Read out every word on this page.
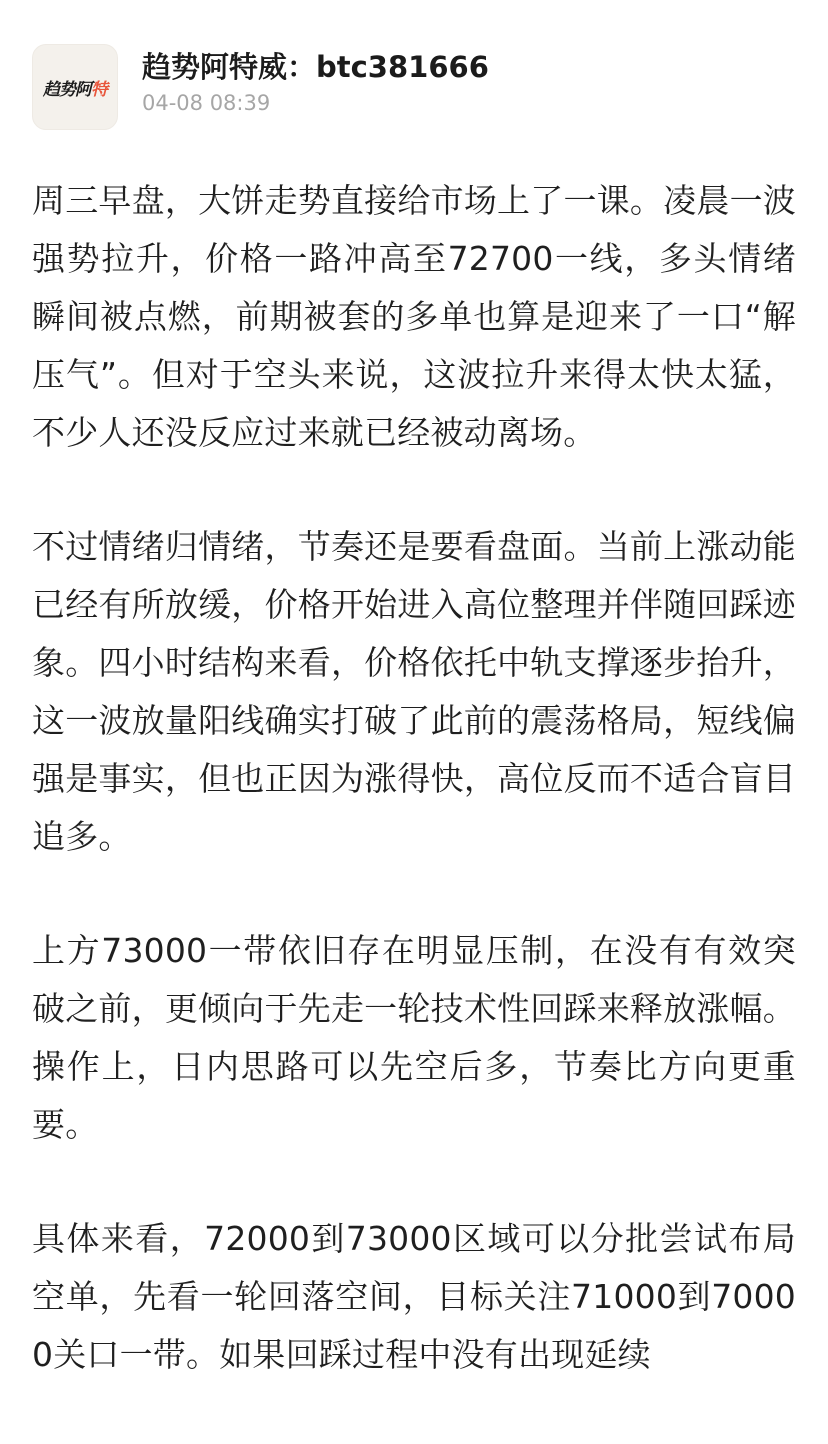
趋势阿特
趋势阿特威：btc381666
04-08 08:39

周三早盘，大饼走势直接给市场上了一课。凌晨一波强势拉升，价格一路冲高至72700一线，多头情绪瞬间被点燃，前期被套的多单也算是迎来了一口“解压气”。但对于空头来说，这波拉升来得太快太猛，不少人还没反应过来就已经被动离场。

不过情绪归情绪，节奏还是要看盘面。当前上涨动能已经有所放缓，价格开始进入高位整理并伴随回踩迹象。四小时结构来看，价格依托中轨支撑逐步抬升，这一波放量阳线确实打破了此前的震荡格局，短线偏强是事实，但也正因为涨得快，高位反而不适合盲目追多。

上方73000一带依旧存在明显压制，在没有有效突破之前，更倾向于先走一轮技术性回踩来释放涨幅。操作上，日内思路可以先空后多，节奏比方向更重要。

具体来看，72000到73000区域可以分批尝试布局空单，先看一轮回落空间，目标关注71000到70000关口一带。如果回踩过程中没有出现延续
